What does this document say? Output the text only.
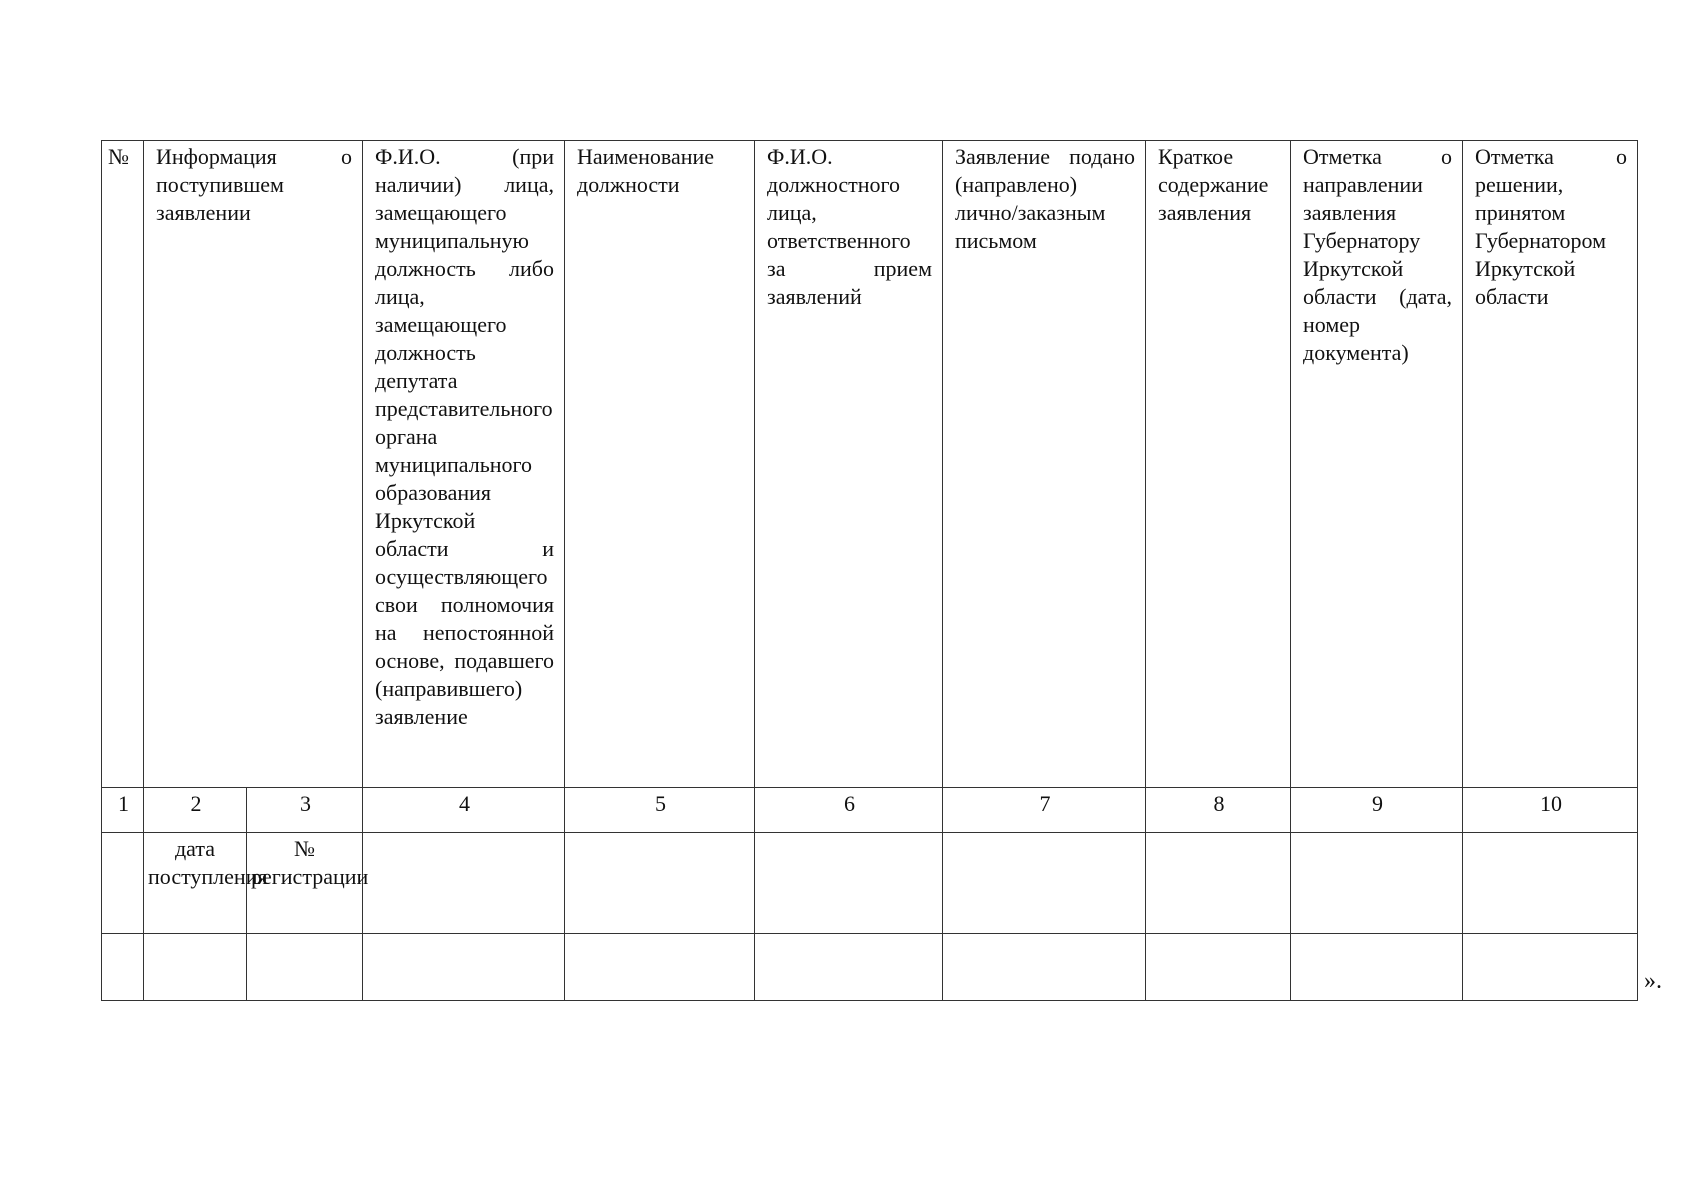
№	Информация о поступившем заявлении		Ф.И.О. (при наличии) лица, замещающего муниципальную должность либо лица, замещающего должность депутата представительного органа муниципального образования Иркутской области и осуществляющего свои полномочия на непостоянной основе, подавшего (направившего) заявление	Наименование должности	Ф.И.О. должностного лица, ответственного за прием заявлений	Заявление подано (направлено) лично/заказным письмом	Краткое содержание заявления	Отметка о направлении заявления Губернатору Иркутской области (дата, номер документа)	Отметка о решении, принятом Губернатором Иркутской области

1	2	3	4	5	6	7	8	9	10
	дата поступления	№ регистрации							

».
